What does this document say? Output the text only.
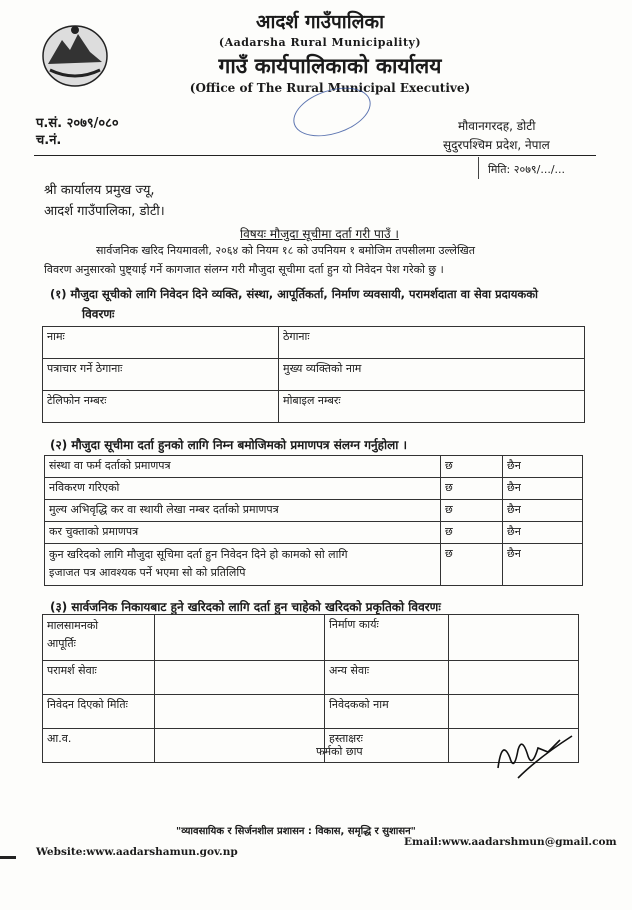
आदर्श गाउँपालिका
(Aadarsha Rural Municipality)
गाउँ कार्यपालिकाको कार्यालय
(Office of The Rural Municipal Executive)
प.सं. २०७९/०८०
च.नं.
मौवानगरदह, डोटी
सुदुरपश्चिम प्रदेश, नेपाल
मिति: २०७९/.../...
श्री कार्यालय प्रमुख ज्यू,
आदर्श गाउँपालिका, डोटी।
विषयः मौजुदा सूचीमा दर्ता गरी पाउँ ।
सार्वजनिक खरिद नियमावली, २०६४ को नियम १८ को उपनियम १ बमोजिम तपसीलमा उल्लेखित
विवरण अनुसारको पुष्ट्याई गर्ने कागजात संलग्न गरी मौजुदा सूचीमा दर्ता हुन यो निवेदन पेश गरेको छु ।
(१) मौजुदा सूचीको लागि निवेदन दिने व्यक्ति, संस्था, आपूर्तिकर्ता, निर्माण व्यवसायी, परामर्शदाता वा सेवा प्रदायकको
विवरणः
नामः	ठेगानाः
पत्राचार गर्ने ठेगानाः	मुख्य व्यक्तिको नाम
टेलिफोन नम्बरः	मोबाइल नम्बरः
(२) मौजुदा सूचीमा दर्ता हुनको लागि निम्न बमोजिमको प्रमाणपत्र संलग्न गर्नुहोला ।
संस्था वा फर्म दर्ताको प्रमाणपत्र	छ	छैन
नविकरण गरिएको	छ	छैन
मुल्य अभिवृद्धि कर वा स्थायी लेखा नम्बर दर्ताको प्रमाणपत्र	छ	छैन
कर चुक्ताको प्रमाणपत्र	छ	छैन

कुन खरिदको लागि मौजुदा सूचिमा दर्ता हुन निवेदन दिने हो कामको सो लागि
इजाजत पत्र आवश्यक पर्ने भएमा सो को प्रतिलिपि	छ	छैन
(३) सार्वजनिक निकायबाट हुने खरिदको लागि दर्ता हुन चाहेको खरिदको प्रकृतिको विवरणः
मालसामनको
आपूर्तिः		निर्माण कार्यः	
परामर्श सेवाः		अन्य सेवाः	
निवेदन दिएको मितिः		निवेदकको नाम	
आ.व.		हस्ताक्षरः	
फर्मको छाप
"व्यावसायिक र सिर्जनशील प्रशासन : विकास, समृद्धि र सुशासन"
Email:www.aadarshmun@gmail.com
Website:www.aadarshamun.gov.np
